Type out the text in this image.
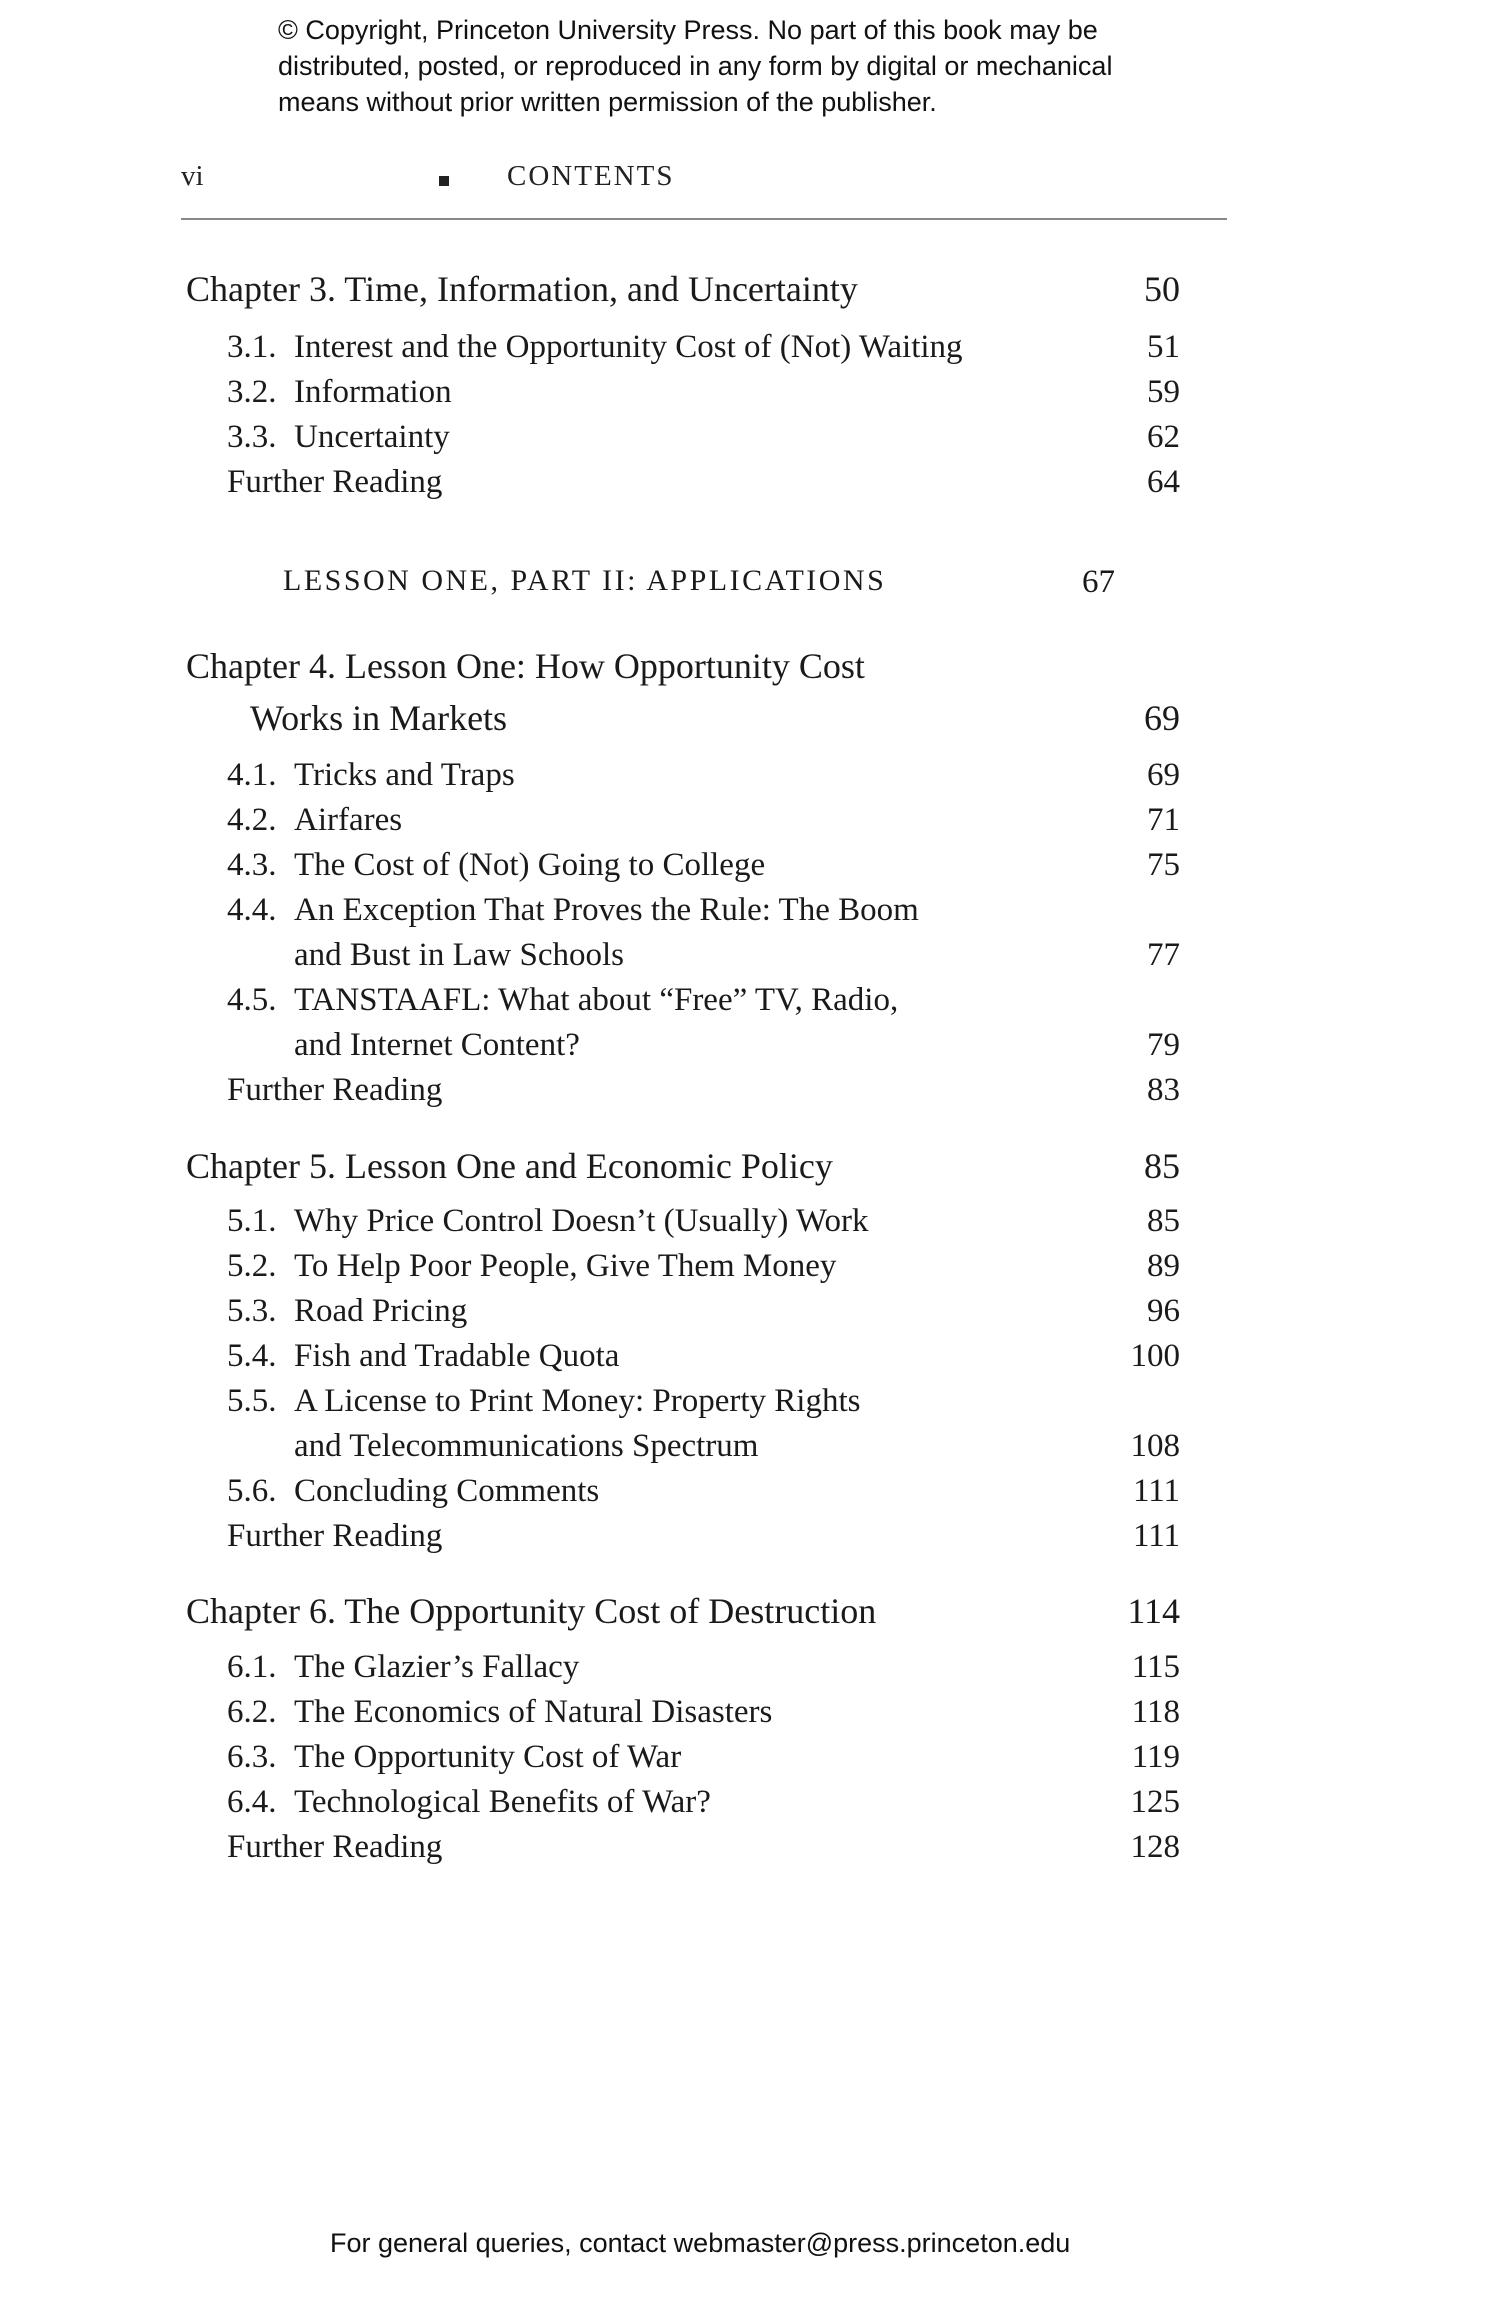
© Copyright, Princeton University Press. No part of this book may be
distributed, posted, or reproduced in any form by digital or mechanical
means without prior written permission of the publisher.
vi	CONTENTS
Chapter 3. Time, Information, and Uncertainty	50
3.1. Interest and the Opportunity Cost of (Not) Waiting	51
3.2. Information	59
3.3. Uncertainty	62
Further Reading	64
LESSON ONE, PART II: APPLICATIONS	67
Chapter 4. Lesson One: How Opportunity Cost
Works in Markets	69
4.1. Tricks and Traps	69
4.2. Airfares	71
4.3. The Cost of (Not) Going to College	75
4.4. An Exception That Proves the Rule: The Boom
and Bust in Law Schools	77
4.5. TANSTAAFL: What about “Free” TV, Radio,
and Internet Content?	79
Further Reading	83
Chapter 5. Lesson One and Economic Policy	85
5.1. Why Price Control Doesn’t (Usually) Work	85
5.2. To Help Poor People, Give Them Money	89
5.3. Road Pricing	96
5.4. Fish and Tradable Quota	100
5.5. A License to Print Money: Property Rights
and Telecommunications Spectrum	108
5.6. Concluding Comments	111
Further Reading	111
Chapter 6. The Opportunity Cost of Destruction	114
6.1. The Glazier’s Fallacy	115
6.2. The Economics of Natural Disasters	118
6.3. The Opportunity Cost of War	119
6.4. Technological Benefits of War?	125
Further Reading	128
For general queries, contact webmaster@press.princeton.edu
